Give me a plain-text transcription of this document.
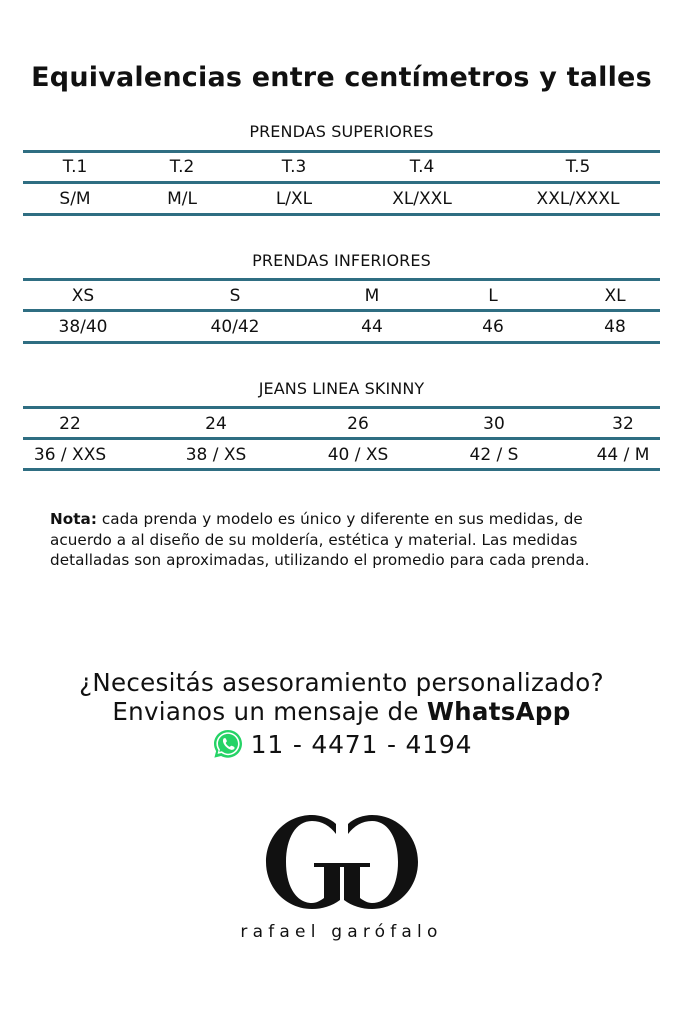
Equivalencias entre centímetros y talles
PRENDAS SUPERIORES
T.1	T.2	T.3	T.4	T.5
S/M	M/L	L/XL	XL/XXL	XXL/XXXL
PRENDAS INFERIORES
XS	S	M	L	XL
38/40	40/42	44	46	48
JEANS LINEA SKINNY
22	24	26	30	32
36 / XXS	38 / XS	40 / XS	42 / S	44 / M
Nota: cada prenda y modelo es único y diferente en sus medidas, de acuerdo a al diseño de su moldería, estética y material. Las medidas detalladas son aproximadas, utilizando el promedio para cada prenda.
¿Necesitás asesoramiento personalizado?
Envianos un mensaje de WhatsApp
11 - 4471 - 4194
rafael garófalo
